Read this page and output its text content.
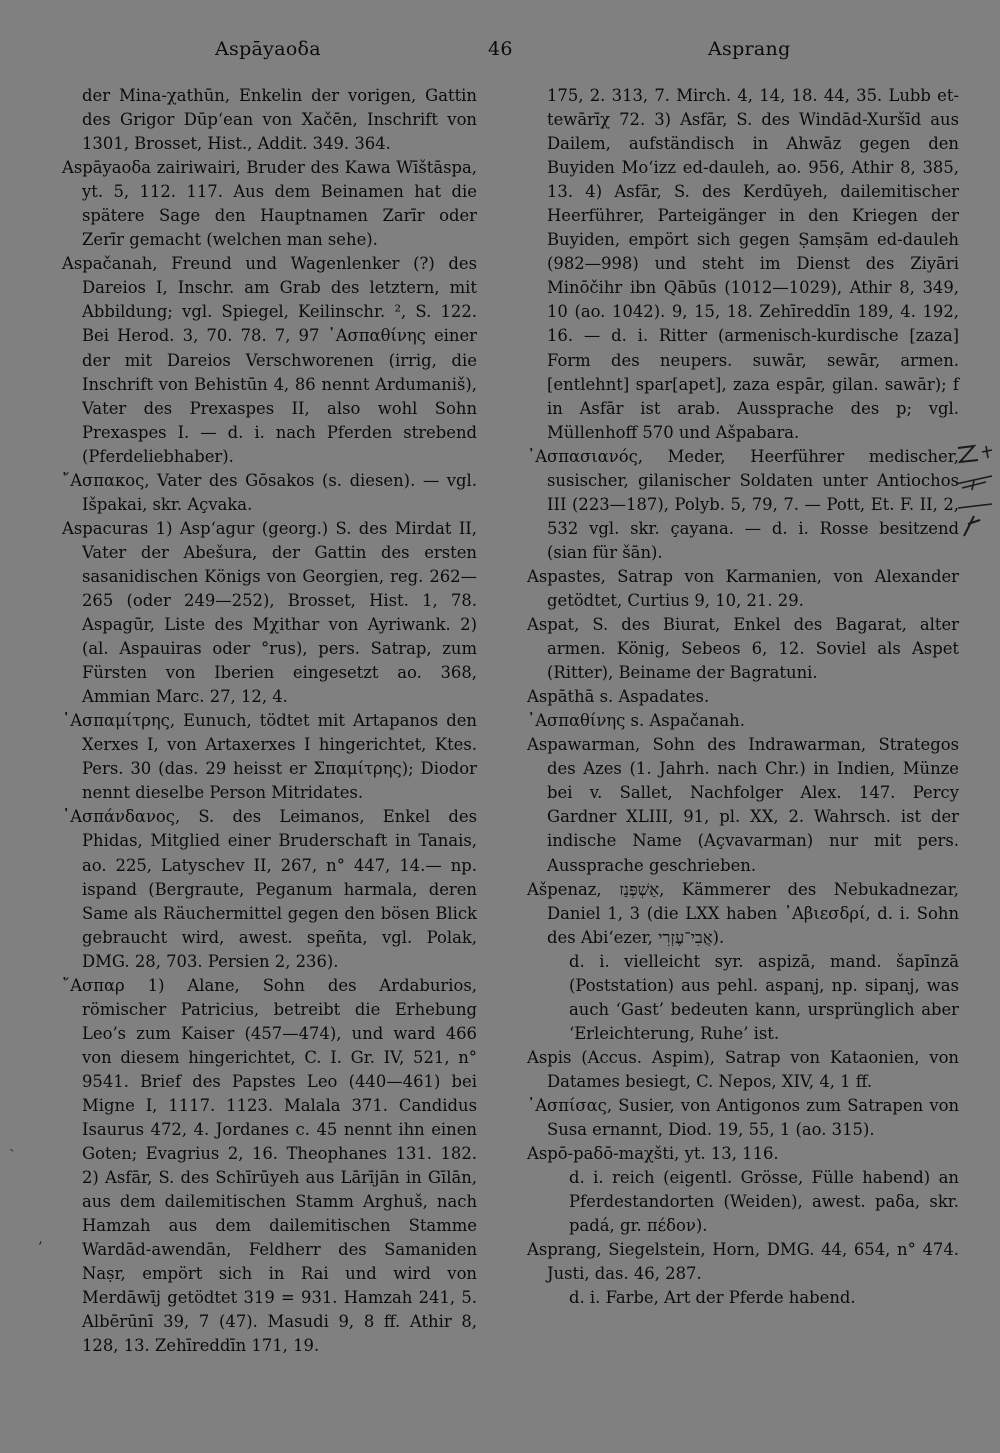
Aspāyaoδa	46	Asprang

der Mina-χathūn, Enkelin der vorigen, Gattin des Grigor Dūp‘ean von Xačēn, Inschrift von 1301, Brosset, Hist., Addit. 349. 364.

Aspāyaoδa zairiwairi, Bruder des Kawa Wīštāspa, yt. 5, 112. 117. Aus dem Beinamen hat die spätere Sage den Hauptnamen Zarīr oder Zerīr gemacht (welchen man sehe).

Aspačanah, Freund und Wagenlenker (?) des Dareios I, Inschr. am Grab des letztern, mit Abbildung; vgl. Spiegel, Keilinschr. ², S. 122. Bei Herod. 3, 70. 78. 7, 97 ᾽Ασπαθίνης einer der mit Dareios Verschworenen (irrig, die Inschrift von Behistūn 4, 86 nennt Ardumaniš), Vater des Prexaspes II, also wohl Sohn Prexaspes I. — d. i. nach Pferden strebend (Pferdeliebhaber).

῎Ασπακος, Vater des Gōsakos (s. diesen). — vgl. Išpakai, skr. Açvaka.

Aspacuras 1) Asp‘agur (georg.) S. des Mirdat II, Vater der Abešura, der Gattin des ersten sasanidischen Königs von Georgien, reg. 262—265 (oder 249—252), Brosset, Hist. 1, 78. Aspagūr, Liste des Mχithar von Ayriwank. 2) (al. Aspauiras oder °rus), pers. Satrap, zum Fürsten von Iberien eingesetzt ao. 368, Ammian Marc. 27, 12, 4.

᾽Ασπαμίτρης, Eunuch, tödtet mit Artapanos den Xerxes I, von Artaxerxes I hingerichtet, Ktes. Pers. 30 (das. 29 heisst er Σπαμίτρης); Diodor nennt dieselbe Person Mitridates.

᾽Ασπάνδανος, S. des Leimanos, Enkel des Phidas, Mitglied einer Bruderschaft in Tanais, ao. 225, Latyschev II, 267, n° 447, 14.— np. ispand (Bergraute, Peganum harmala, deren Same als Räuchermittel gegen den bösen Blick gebraucht wird, awest. speñta, vgl. Polak, DMG. 28, 703. Persien 2, 236).

῎Ασπαρ 1) Alane, Sohn des Ardaburios, römischer Patricius, betreibt die Erhebung Leo’s zum Kaiser (457—474), und ward 466 von diesem hingerichtet, C. I. Gr. IV, 521, n° 9541. Brief des Papstes Leo (440—461) bei Migne I, 1117. 1123. Malala 371. Candidus Isaurus 472, 4. Jordanes c. 45 nennt ihn einen Goten; Evagrius 2, 16. Theophanes 131. 182. 2) Asfār, S. des Schīrūyeh aus Lārījān in Gīlān, aus dem dailemitischen Stamm Arghuš, nach Hamzah aus dem dailemitischen Stamme Wardād-awendān, Feldherr des Samaniden Naṣr, empört sich in Rai und wird von Merdāwīj getödtet 319 = 931. Hamzah 241, 5. Albērūnī 39, 7 (47). Masudi 9, 8 ff. Athir 8, 128, 13. Zehīreddīn 171, 19.

175, 2. 313, 7. Mirch. 4, 14, 18. 44, 35. Lubb et-tewārīχ 72. 3) Asfār, S. des Windād-Xuršīd aus Dailem, aufständisch in Ahwāz gegen den Buyiden Mo‘izz ed-dauleh, ao. 956, Athir 8, 385, 13. 4) Asfār, S. des Kerdūyeh, dailemitischer Heerführer, Parteigänger in den Kriegen der Buyiden, empört sich gegen Ṣamṣām ed-dauleh (982—998) und steht im Dienst des Ziyāri Minōčihr ibn Qābūs (1012—1029), Athir 8, 349, 10 (ao. 1042). 9, 15, 18. Zehīreddīn 189, 4. 192, 16. — d. i. Ritter (armenisch-kurdische [zaza] Form des neupers. suwār, sewār, armen. [entlehnt] spar[apet], zaza espār, gilan. sawār); f in Asfār ist arab. Aussprache des p; vgl. Müllenhoff 570 und Ašpabara.

᾽Ασπασιανός, Meder, Heerführer medischer, susischer, gilanischer Soldaten unter Antiochos III (223—187), Polyb. 5, 79, 7. — Pott, Et. F. II, 2, 532 vgl. skr. çayana. — d. i. Rosse besitzend (sian für šān).

Aspastes, Satrap von Karmanien, von Alexander getödtet, Curtius 9, 10, 21. 29.

Aspat, S. des Biurat, Enkel des Bagarat, alter armen. König, Sebeos 6, 12. Soviel als Aspet (Ritter), Beiname der Bagratuni.

Aspāthā s. Aspadates.

᾽Ασπαθίνης s. Aspačanah.

Aspawarman, Sohn des Indrawarman, Strategos des Azes (1. Jahrh. nach Chr.) in Indien, Münze bei v. Sallet, Nachfolger Alex. 147. Percy Gardner XLIII, 91, pl. XX, 2. Wahrsch. ist der indische Name (Açvavarman) nur mit pers. Aussprache geschrieben.

Ašpenaz, אַשְׁפְּנַז, Kämmerer des Nebukadnezar, Daniel 1, 3 (die LXX haben ᾽Αβιεσδρί, d. i. Sohn des Abi‘ezer, אֲבִי־עֶזְרִי).

d. i. vielleicht syr. aspizā, mand. šapīnzā (Poststation) aus pehl. aspanj, np. sipanj, was auch ‘Gast’ bedeuten kann, ursprünglich aber ‘Erleichterung, Ruhe’ ist.

Aspis (Accus. Aspim), Satrap von Kataonien, von Datames besiegt, C. Nepos, XIV, 4, 1 ff.

᾽Ασπίσας, Susier, von Antigonos zum Satrapen von Susa ernannt, Diod. 19, 55, 1 (ao. 315).

Aspō-paδō-maχšti, yt. 13, 116.

d. i. reich (eigentl. Grösse, Fülle habend) an Pferdestandorten (Weiden), awest. paδa, skr. padá, gr. πέδον).

Asprang, Siegelstein, Horn, DMG. 44, 654, n° 474. Justi, das. 46, 287.

d. i. Farbe, Art der Pferde habend.

`
’
